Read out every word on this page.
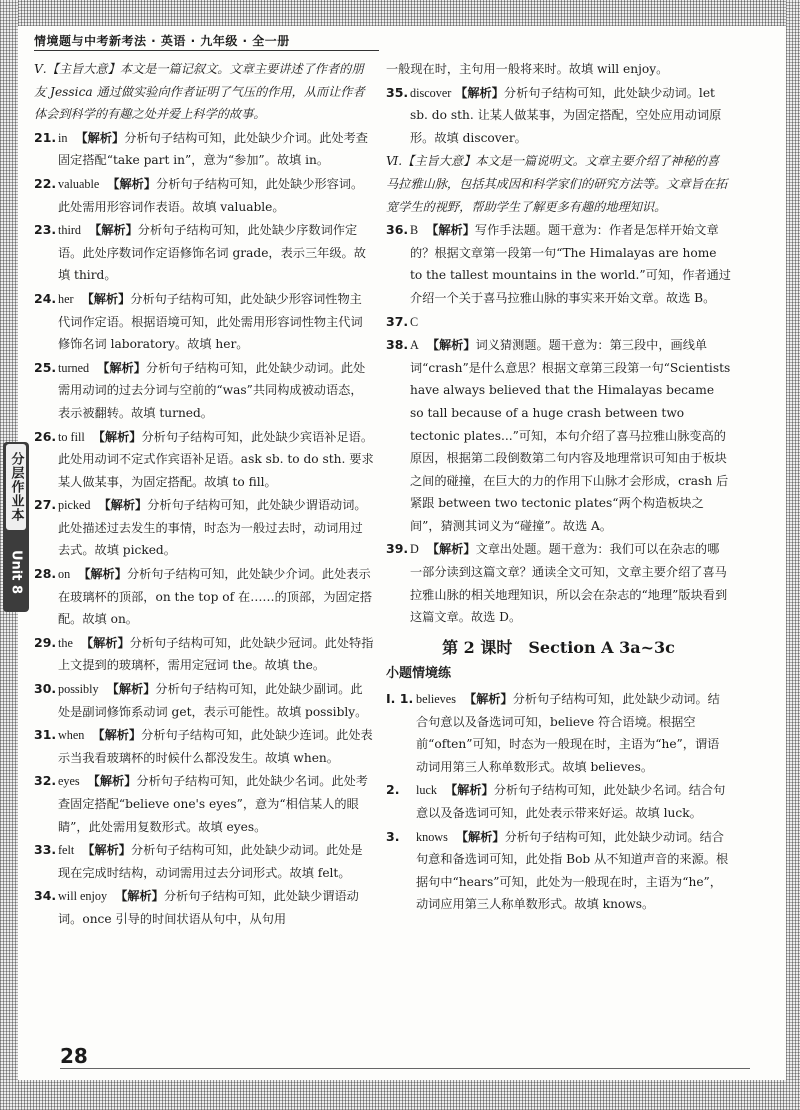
情境题与中考新考法 · 英语 · 九年级 · 全一册
分层作业本
Unit 8

Ⅴ.【主旨大意】本文是一篇记叙文。文章主要讲述了作者的朋友 Jessica 通过做实验向作者证明了气压的作用，从而让作者体会到科学的有趣之处并爱上科学的故事。

21. in 【解析】分析句子结构可知，此处缺少介词。此处考查固定搭配“take part in”，意为“参加”。故填 in。
22. valuable 【解析】分析句子结构可知，此处缺少形容词。此处需用形容词作表语。故填 valuable。
23. third 【解析】分析句子结构可知，此处缺少序数词作定语。此处序数词作定语修饰名词 grade，表示三年级。故填 third。
24. her 【解析】分析句子结构可知，此处缺少形容词性物主代词作定语。根据语境可知，此处需用形容词性物主代词修饰名词 laboratory。故填 her。
25. turned 【解析】分析句子结构可知，此处缺少动词。此处需用动词的过去分词与空前的“was”共同构成被动语态，表示被翻转。故填 turned。
26. to fill 【解析】分析句子结构可知，此处缺少宾语补足语。此处用动词不定式作宾语补足语。ask sb. to do sth. 要求某人做某事，为固定搭配。故填 to fill。
27. picked 【解析】分析句子结构可知，此处缺少谓语动词。此处描述过去发生的事情，时态为一般过去时，动词用过去式。故填 picked。
28. on 【解析】分析句子结构可知，此处缺少介词。此处表示在玻璃杯的顶部，on the top of 在……的顶部，为固定搭配。故填 on。
29. the 【解析】分析句子结构可知，此处缺少冠词。此处特指上文提到的玻璃杯，需用定冠词 the。故填 the。
30. possibly 【解析】分析句子结构可知，此处缺少副词。此处是副词修饰系动词 get，表示可能性。故填 possibly。
31. when 【解析】分析句子结构可知，此处缺少连词。此处表示当我看玻璃杯的时候什么都没发生。故填 when。
32. eyes 【解析】分析句子结构可知，此处缺少名词。此处考查固定搭配“believe one's eyes”，意为“相信某人的眼睛”，此处需用复数形式。故填 eyes。
33. felt 【解析】分析句子结构可知，此处缺少动词。此处是现在完成时结构，动词需用过去分词形式。故填 felt。
34. will enjoy 【解析】分析句子结构可知，此处缺少谓语动词。once 引导的时间状语从句中，从句用

一般现在时，主句用一般将来时。故填 will enjoy。

35. discover 【解析】分析句子结构可知，此处缺少动词。let sb. do sth. 让某人做某事，为固定搭配，空处应用动词原形。故填 discover。

Ⅵ.【主旨大意】本文是一篇说明文。文章主要介绍了神秘的喜马拉雅山脉，包括其成因和科学家们的研究方法等。文章旨在拓宽学生的视野，帮助学生了解更多有趣的地理知识。

36. B 【解析】写作手法题。题干意为：作者是怎样开始文章的？根据文章第一段第一句“The Himalayas are home to the tallest mountains in the world.”可知，作者通过介绍一个关于喜马拉雅山脉的事实来开始文章。故选 B。
37. C
38. A 【解析】词义猜测题。题干意为：第三段中，画线单词“crash”是什么意思？根据文章第三段第一句“Scientists have always believed that the Himalayas became so tall because of a huge crash between two tectonic plates...”可知，本句介绍了喜马拉雅山脉变高的原因，根据第二段倒数第二句内容及地理常识可知由于板块之间的碰撞，在巨大的力的作用下山脉才会形成，crash 后紧跟 between two tectonic plates“两个构造板块之间”，猜测其词义为“碰撞”。故选 A。
39. D 【解析】文章出处题。题干意为：我们可以在杂志的哪一部分读到这篇文章？通读全文可知，文章主要介绍了喜马拉雅山脉的相关地理知识，所以会在杂志的“地理”版块看到这篇文章。故选 D。
第 2 课时　Section A 3a~3c
小题情境练
Ⅰ. 1. believes 【解析】分析句子结构可知，此处缺少动词。结合句意以及备选词可知，believe 符合语境。根据空前“often”可知，时态为一般现在时，主语为“he”，谓语动词用第三人称单数形式。故填 believes。
2. luck 【解析】分析句子结构可知，此处缺少名词。结合句意以及备选词可知，此处表示带来好运。故填 luck。
3. knows 【解析】分析句子结构可知，此处缺少动词。结合句意和备选词可知，此处指 Bob 从不知道声音的来源。根据句中“hears”可知，此处为一般现在时，主语为“he”，动词应用第三人称单数形式。故填 knows。
28
